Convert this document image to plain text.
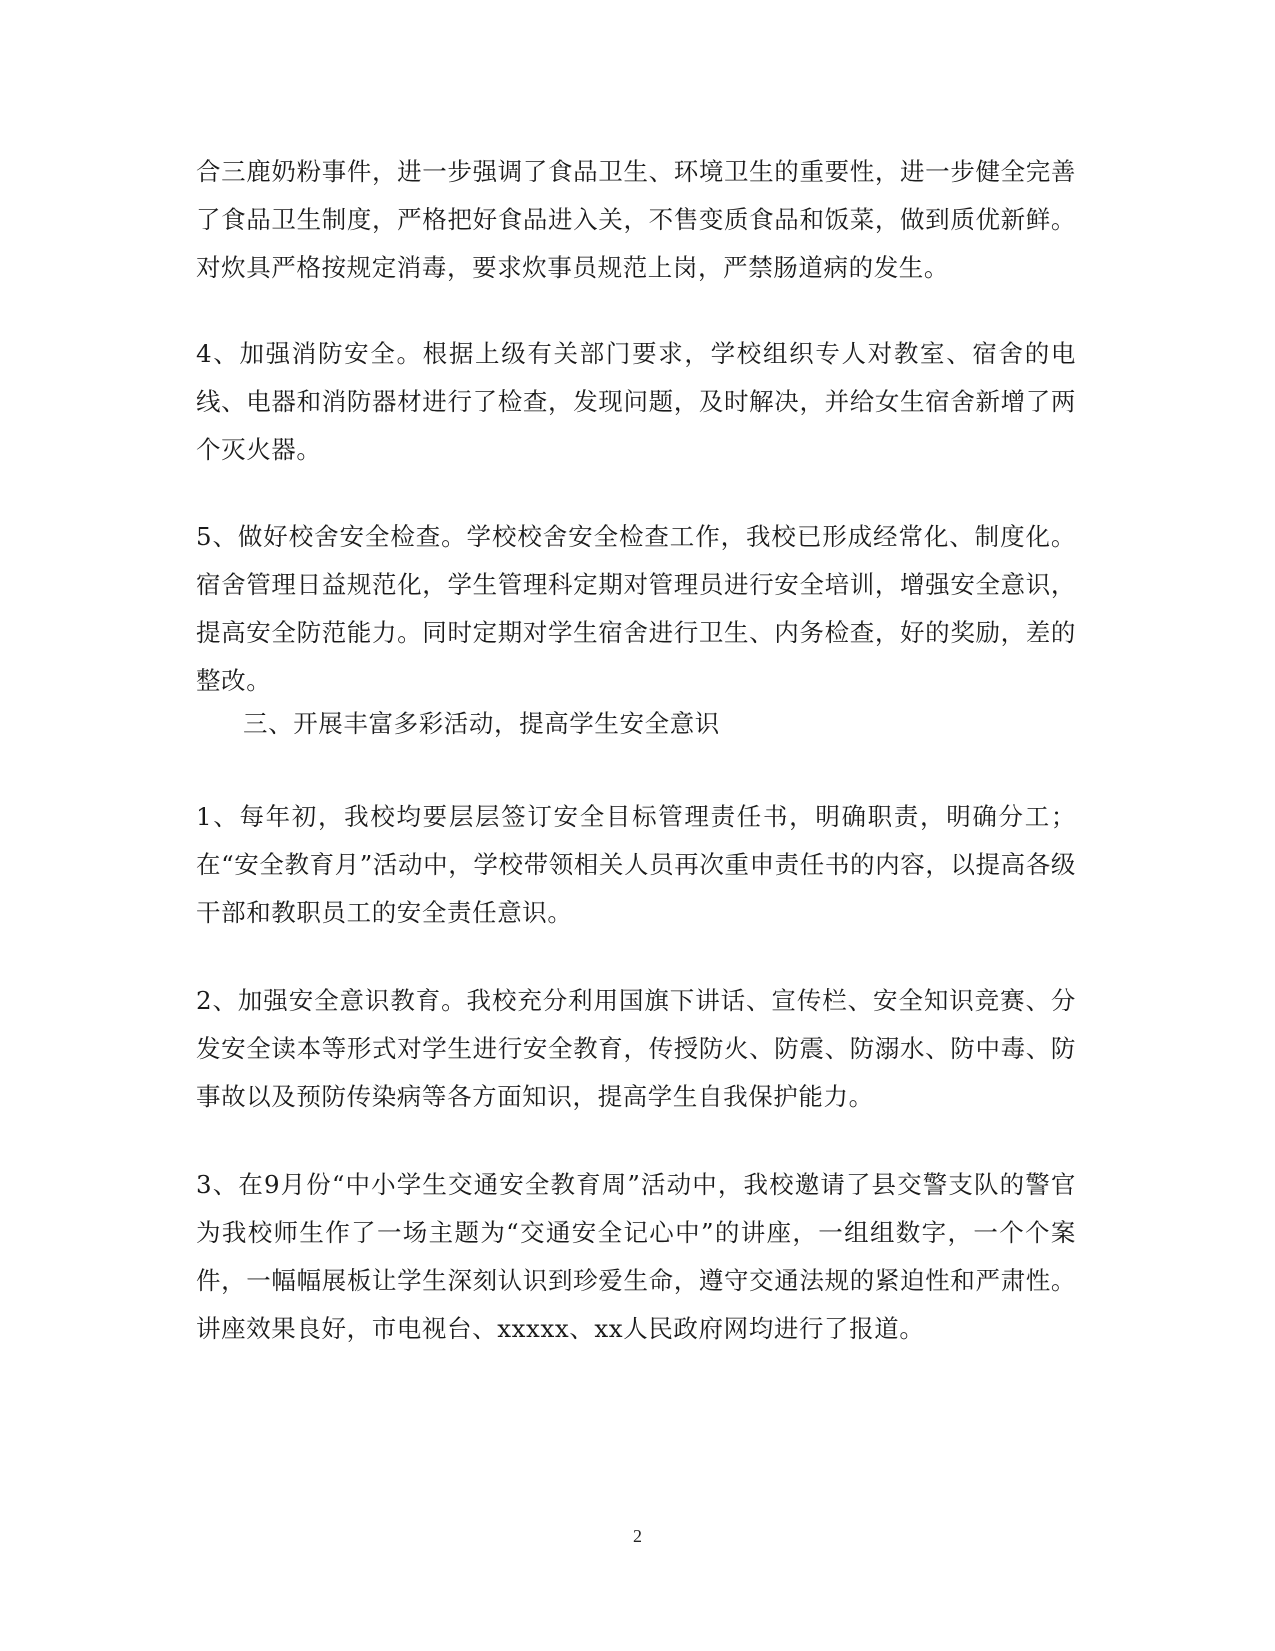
合三鹿奶粉事件，进一步强调了食品卫生、环境卫生的重要性，进一步健全完善了食品卫生制度，严格把好食品进入关，不售变质食品和饭菜，做到质优新鲜。对炊具严格按规定消毒，要求炊事员规范上岗，严禁肠道病的发生。

4、加强消防安全。根据上级有关部门要求，学校组织专人对教室、宿舍的电线、电器和消防器材进行了检查，发现问题，及时解决，并给女生宿舍新增了两个灭火器。

5、做好校舍安全检查。学校校舍安全检查工作，我校已形成经常化、制度化。宿舍管理日益规范化，学生管理科定期对管理员进行安全培训，增强安全意识，提高安全防范能力。同时定期对学生宿舍进行卫生、内务检查，好的奖励，差的整改。

三、开展丰富多彩活动，提高学生安全意识

1、每年初，我校均要层层签订安全目标管理责任书，明确职责，明确分工；在“安全教育月”活动中，学校带领相关人员再次重申责任书的内容，以提高各级干部和教职员工的安全责任意识。

2、加强安全意识教育。我校充分利用国旗下讲话、宣传栏、安全知识竞赛、分发安全读本等形式对学生进行安全教育，传授防火、防震、防溺水、防中毒、防事故以及预防传染病等各方面知识，提高学生自我保护能力。

3、在9月份“中小学生交通安全教育周”活动中，我校邀请了县交警支队的警官为我校师生作了一场主题为“交通安全记心中”的讲座，一组组数字，一个个案件，一幅幅展板让学生深刻认识到珍爱生命，遵守交通法规的紧迫性和严肃性。讲座效果良好，市电视台、xxxxx、xx人民政府网均进行了报道。

2
